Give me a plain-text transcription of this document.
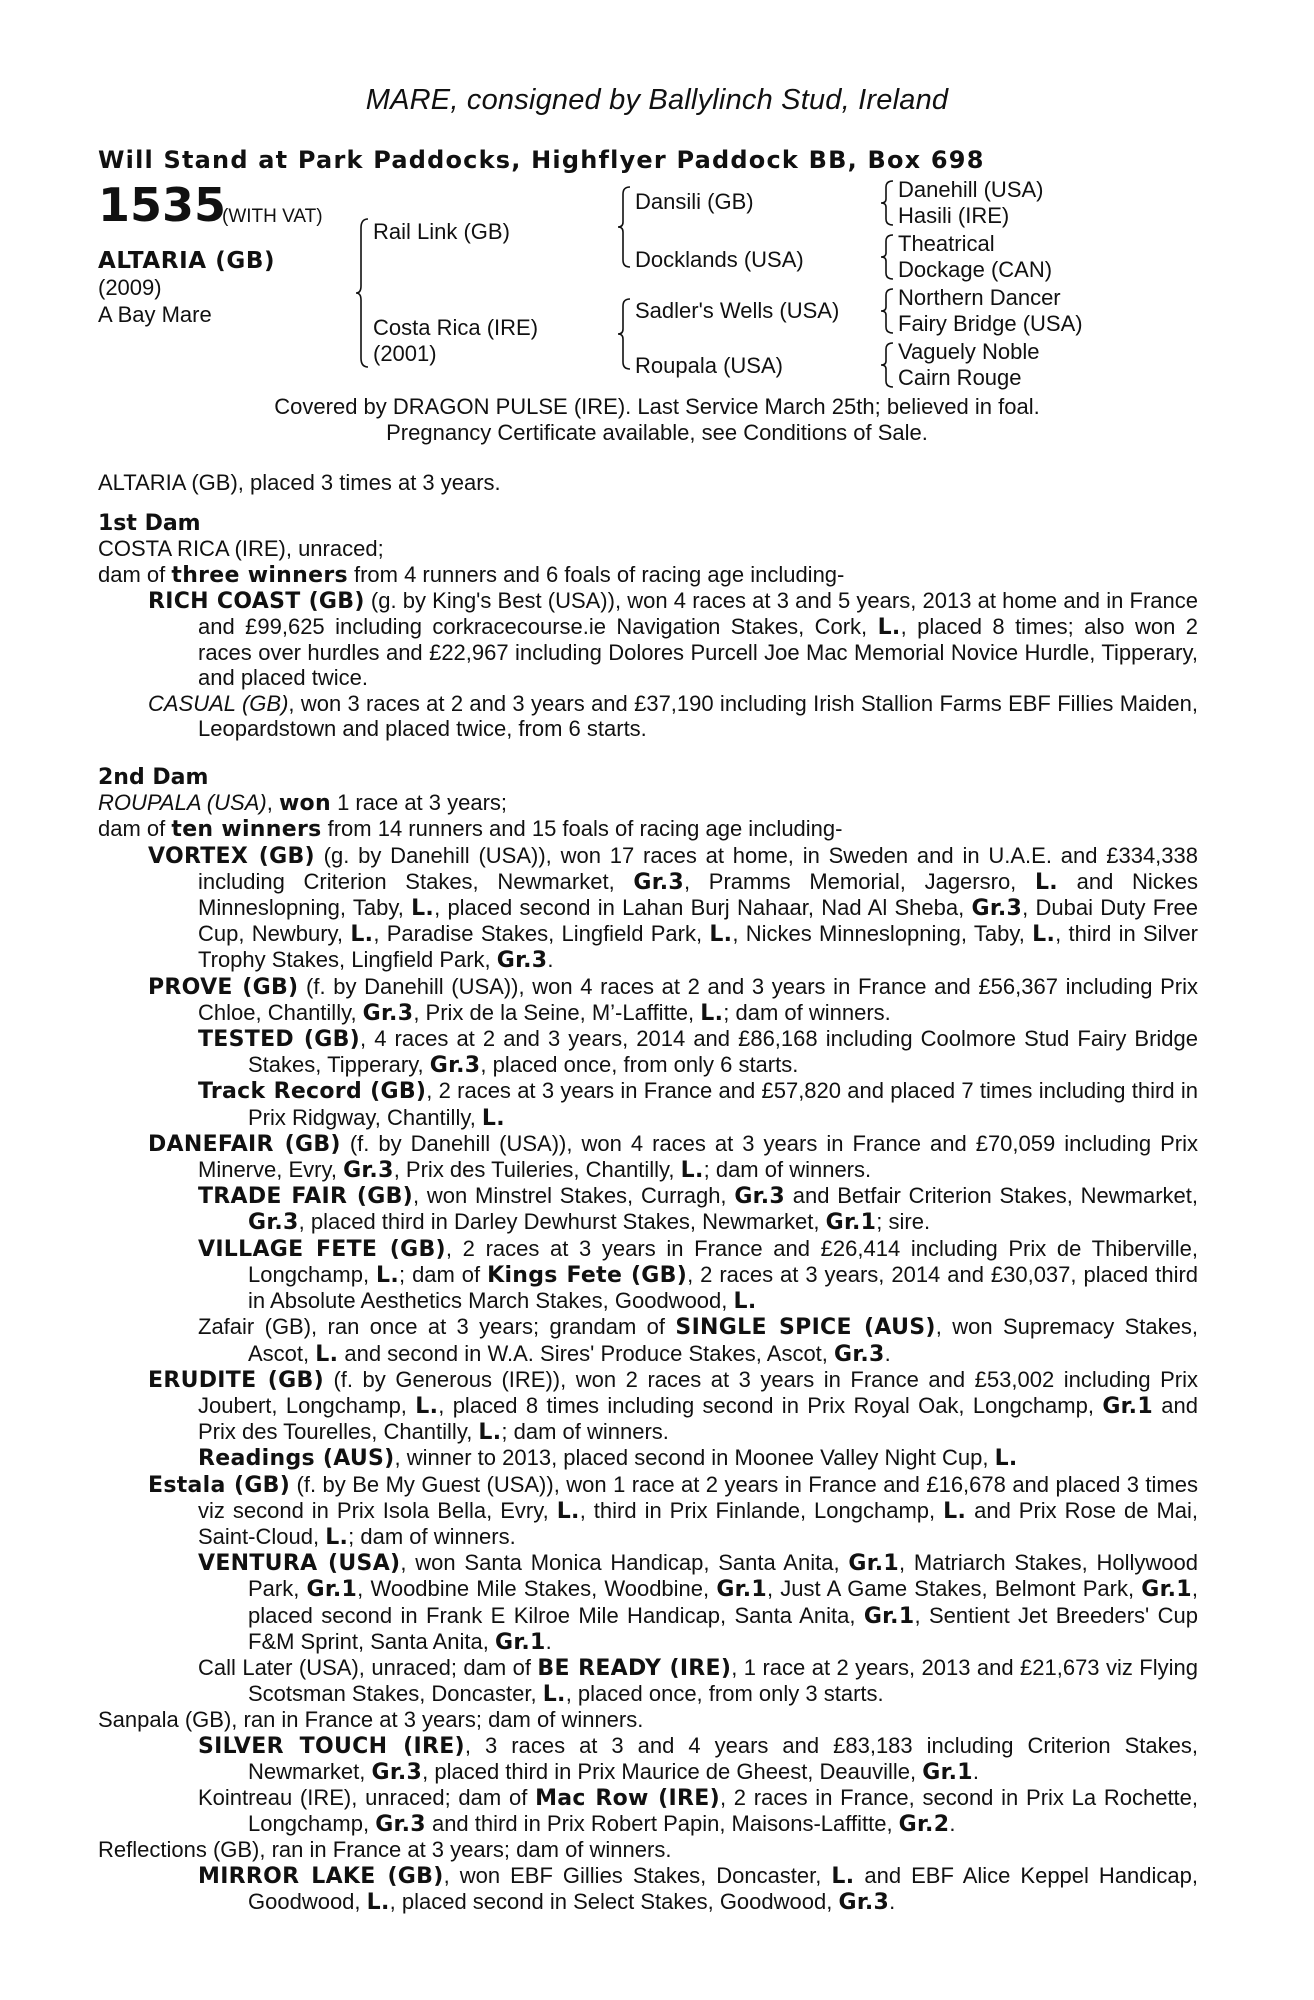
MARE, consigned by Ballylinch Stud, Ireland
Will Stand at Park Paddocks, Highflyer Paddock BB, Box 698
1535
(WITH VAT)
ALTARIA (GB)
(2009)
A Bay Mare
Rail Link (GB)
Costa Rica (IRE)
(2001)
Dansili (GB)
Docklands (USA)
Sadler's Wells (USA)
Roupala (USA)
Danehill (USA)
Hasili (IRE)
Theatrical
Dockage (CAN)
Northern Dancer
Fairy Bridge (USA)
Vaguely Noble
Cairn Rouge
Covered by DRAGON PULSE (IRE). Last Service March 25th; believed in foal.
Pregnancy Certificate available, see Conditions of Sale.
ALTARIA (GB), placed 3 times at 3 years.
1st Dam
COSTA RICA (IRE), unraced;
dam of three winners from 4 runners and 6 foals of racing age including-
RICH COAST (GB) (g. by King's Best (USA)), won 4 races at 3 and 5 years, 2013 at home and in France and £99,625 including corkracecourse.ie Navigation Stakes, Cork, L., placed 8 times; also won 2 races over hurdles and £22,967 including Dolores Purcell Joe Mac Memorial Novice Hurdle, Tipperary, and placed twice.
CASUAL (GB), won 3 races at 2 and 3 years and £37,190 including Irish Stallion Farms EBF Fillies Maiden, Leopardstown and placed twice, from 6 starts.
2nd Dam
ROUPALA (USA), won 1 race at 3 years;
dam of ten winners from 14 runners and 15 foals of racing age including-
VORTEX (GB) (g. by Danehill (USA)), won 17 races at home, in Sweden and in U.A.E. and £334,338 including Criterion Stakes, Newmarket, Gr.3, Pramms Memorial, Jagersro, L. and Nickes Minneslopning, Taby, L., placed second in Lahan Burj Nahaar, Nad Al Sheba, Gr.3, Dubai Duty Free Cup, Newbury, L., Paradise Stakes, Lingfield Park, L., Nickes Minneslopning, Taby, L., third in Silver Trophy Stakes, Lingfield Park, Gr.3.
PROVE (GB) (f. by Danehill (USA)), won 4 races at 2 and 3 years in France and £56,367 including Prix Chloe, Chantilly, Gr.3, Prix de la Seine, M’-Laffitte, L.; dam of winners.
TESTED (GB), 4 races at 2 and 3 years, 2014 and £86,168 including Coolmore Stud Fairy Bridge Stakes, Tipperary, Gr.3, placed once, from only 6 starts.
Track Record (GB), 2 races at 3 years in France and £57,820 and placed 7 times including third in Prix Ridgway, Chantilly, L.
DANEFAIR (GB) (f. by Danehill (USA)), won 4 races at 3 years in France and £70,059 including Prix Minerve, Evry, Gr.3, Prix des Tuileries, Chantilly, L.; dam of winners.
TRADE FAIR (GB), won Minstrel Stakes, Curragh, Gr.3 and Betfair Criterion Stakes, Newmarket, Gr.3, placed third in Darley Dewhurst Stakes, Newmarket, Gr.1; sire.
VILLAGE FETE (GB), 2 races at 3 years in France and £26,414 including Prix de Thiberville, Longchamp, L.; dam of Kings Fete (GB), 2 races at 3 years, 2014 and £30,037, placed third in Absolute Aesthetics March Stakes, Goodwood, L.
Zafair (GB), ran once at 3 years; grandam of SINGLE SPICE (AUS), won Supremacy Stakes, Ascot, L. and second in W.A. Sires' Produce Stakes, Ascot, Gr.3.
ERUDITE (GB) (f. by Generous (IRE)), won 2 races at 3 years in France and £53,002 including Prix Joubert, Longchamp, L., placed 8 times including second in Prix Royal Oak, Longchamp, Gr.1 and Prix des Tourelles, Chantilly, L.; dam of winners.
Readings (AUS), winner to 2013, placed second in Moonee Valley Night Cup, L.
Estala (GB) (f. by Be My Guest (USA)), won 1 race at 2 years in France and £16,678 and placed 3 times viz second in Prix Isola Bella, Evry, L., third in Prix Finlande, Longchamp, L. and Prix Rose de Mai, Saint-Cloud, L.; dam of winners.
VENTURA (USA), won Santa Monica Handicap, Santa Anita, Gr.1, Matriarch Stakes, Hollywood Park, Gr.1, Woodbine Mile Stakes, Woodbine, Gr.1, Just A Game Stakes, Belmont Park, Gr.1, placed second in Frank E Kilroe Mile Handicap, Santa Anita, Gr.1, Sentient Jet Breeders' Cup F&M Sprint, Santa Anita, Gr.1.
Call Later (USA), unraced; dam of BE READY (IRE), 1 race at 2 years, 2013 and £21,673 viz Flying Scotsman Stakes, Doncaster, L., placed once, from only 3 starts.
Sanpala (GB), ran in France at 3 years; dam of winners.
SILVER TOUCH (IRE), 3 races at 3 and 4 years and £83,183 including Criterion Stakes, Newmarket, Gr.3, placed third in Prix Maurice de Gheest, Deauville, Gr.1.
Kointreau (IRE), unraced; dam of Mac Row (IRE), 2 races in France, second in Prix La Rochette, Longchamp, Gr.3 and third in Prix Robert Papin, Maisons-Laffitte, Gr.2.
Reflections (GB), ran in France at 3 years; dam of winners.
MIRROR LAKE (GB), won EBF Gillies Stakes, Doncaster, L. and EBF Alice Keppel Handicap, Goodwood, L., placed second in Select Stakes, Goodwood, Gr.3.
